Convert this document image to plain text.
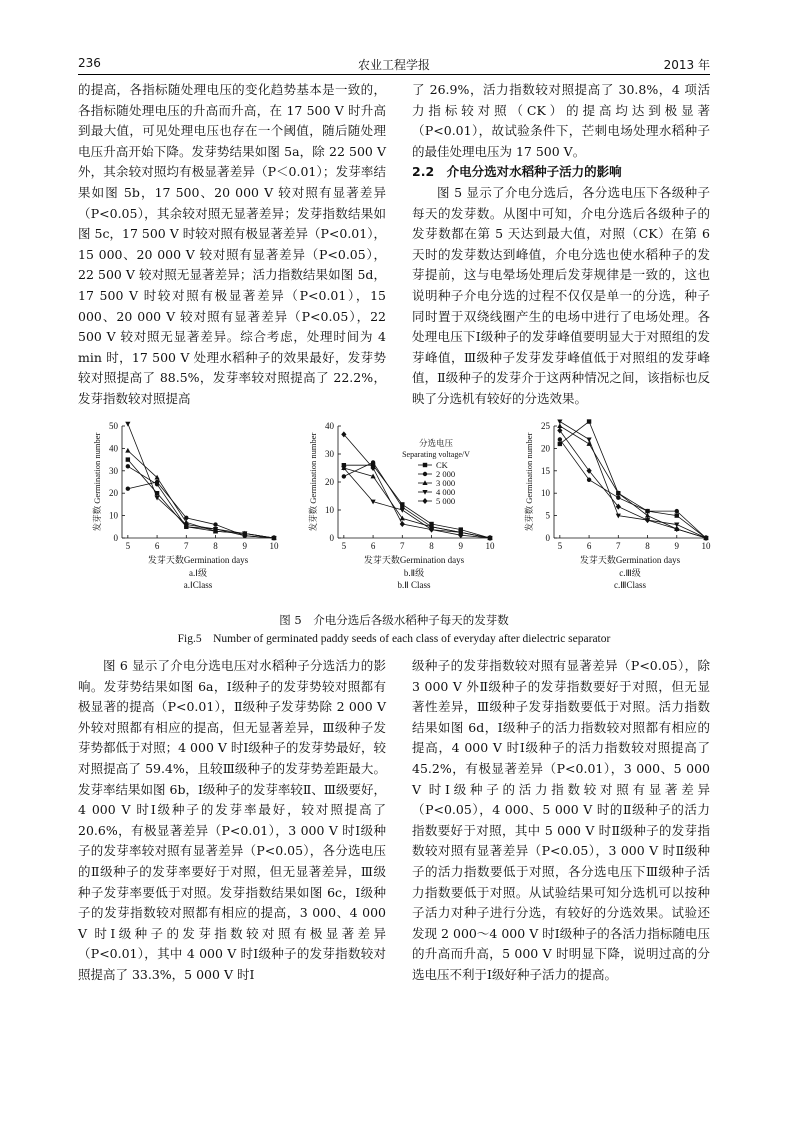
236	农业工程学报	2013 年

的提高，各指标随处理电压的变化趋势基本是一致的，各指标随处理电压的升高而升高，在 17 500 V 时升高到最大值，可见处理电压也存在一个阈值，随后随处理电压升高开始下降。发芽势结果如图 5a，除 22 500 V 外，其余较对照均有极显著差异（P＜0.01）；发芽率结果如图 5b，17 500、20 000 V 较对照有显著差异（P<0.05），其余较对照无显著差异；发芽指数结果如图 5c，17 500 V 时较对照有极显著差异（P<0.01），15 000、20 000 V 较对照有显著差异（P<0.05），22 500 V 较对照无显著差异；活力指数结果如图 5d，17 500 V 时较对照有极显著差异（P<0.01），15 000、20 000 V 较对照有显著差异（P<0.05），22 500 V 较对照无显著差异。综合考虑，处理时间为 4 min 时，17 500 V 处理水稻种子的效果最好，发芽势较对照提高了 88.5%，发芽率较对照提高了 22.2%，发芽指数较对照提高

了 26.9%，活力指数较对照提高了 30.8%，4 项活力指标较对照（CK）的提高均达到极显著（P<0.01），故试验条件下，芒刺电场处理水稻种子的最佳处理电压为 17 500 V。

2.2　介电分选对水稻种子活力的影响

图 5 显示了介电分选后，各分选电压下各级种子每天的发芽数。从图中可知，介电分选后各级种子的发芽数都在第 5 天达到最大值，对照（CK）在第 6 天时的发芽数达到峰值，介电分选也使水稻种子的发芽提前，这与电晕场处理后发芽规律是一致的，这也说明种子介电分选的过程不仅仅是单一的分选，种子同时置于双绕线圈产生的电场中进行了电场处理。各处理电压下Ⅰ级种子的发芽峰值要明显大于对照组的发芽峰值，Ⅲ级种子发芽发芽峰值低于对照组的发芽峰值，Ⅱ级种子的发芽介于这两种情况之间，该指标也反映了分选机有较好的分选效果。

0
10
20
30
40
50
5	6	7	8	9 10
发芽数 Germination number
发芽天数Germination days
a.Ⅰ级
a.ⅠClass
0
10
20
30
40
5	6	7	8	9 10
发芽数 Germination number
发芽天数Germination days
b.Ⅱ级
b.Ⅱ Class
分选电压
Separating voltage/V
CK
2 000
3 000
4 000
5 000
0
5
10
15
20
25
5	6	7	8	9 10
发芽数 Germination number
发芽天数Germination days
c.Ⅲ级
c.ⅢClass
图 5　介电分选后各级水稻种子每天的发芽数
Fig.5　Number of germinated paddy seeds of each class of everyday after dielectric separator

图 6 显示了介电分选电压对水稻种子分选活力的影响。发芽势结果如图 6a，Ⅰ级种子的发芽势较对照都有极显著的提高（P<0.01），Ⅱ级种子发芽势除 2 000 V 外较对照都有相应的提高，但无显著差异，Ⅲ级种子发芽势都低于对照；4 000 V 时Ⅰ级种子的发芽势最好，较对照提高了 59.4%，且较Ⅲ级种子的发芽势差距最大。发芽率结果如图 6b，Ⅰ级种子的发芽率较Ⅱ、Ⅲ级要好，4 000 V 时Ⅰ级种子的发芽率最好，较对照提高了 20.6%，有极显著差异（P<0.01），3 000 V 时Ⅰ级种子的发芽率较对照有显著差异（P<0.05），各分选电压的Ⅱ级种子的发芽率要好于对照，但无显著差异，Ⅲ级种子发芽率要低于对照。发芽指数结果如图 6c，Ⅰ级种子的发芽指数较对照都有相应的提高，3 000、4 000 V 时Ⅰ级种子的发芽指数较对照有极显著差异（P<0.01），其中 4 000 V 时Ⅰ级种子的发芽指数较对照提高了 33.3%，5 000 V 时Ⅰ

级种子的发芽指数较对照有显著差异（P<0.05），除 3 000 V 外Ⅱ级种子的发芽指数要好于对照，但无显著性差异，Ⅲ级种子发芽指数要低于对照。活力指数结果如图 6d，Ⅰ级种子的活力指数较对照都有相应的提高，4 000 V 时Ⅰ级种子的活力指数较对照提高了 45.2%，有极显著差异（P<0.01），3 000、5 000 V 时Ⅰ级种子的活力指数较对照有显著差异（P<0.05），4 000、5 000 V 时的Ⅱ级种子的活力指数要好于对照，其中 5 000 V 时Ⅱ级种子的发芽指数较对照有显著差异（P<0.05），3 000 V 时Ⅱ级种子的活力指数要低于对照，各分选电压下Ⅲ级种子活力指数要低于对照。从试验结果可知分选机可以按种子活力对种子进行分选，有较好的分选效果。试验还发现 2 000～4 000 V 时Ⅰ级种子的各活力指标随电压的升高而升高，5 000 V 时明显下降，说明过高的分选电压不利于Ⅰ级好种子活力的提高。
